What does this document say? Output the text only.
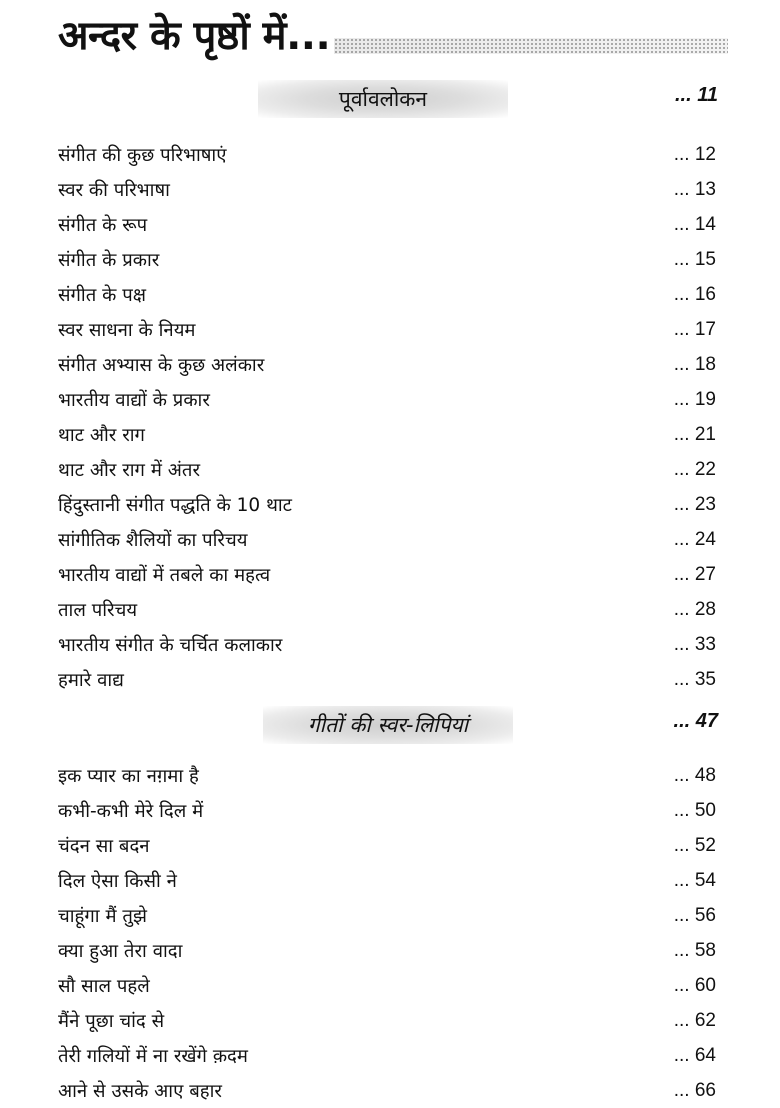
अन्दर के पृष्ठों में...
पूर्वावलोकन	... 11
संगीत की कुछ परिभाषाएं	... 12
स्वर की परिभाषा	... 13
संगीत के रूप	... 14
संगीत के प्रकार	... 15
संगीत के पक्ष	... 16
स्वर साधना के नियम	... 17
संगीत अभ्यास के कुछ अलंकार	... 18
भारतीय वाद्यों के प्रकार	... 19
थाट और राग	... 21
थाट और राग में अंतर	... 22
हिंदुस्तानी संगीत पद्धति के 10 थाट	... 23
सांगीतिक शैलियों का परिचय	... 24
भारतीय वाद्यों में तबले का महत्व	... 27
ताल परिचय	... 28
भारतीय संगीत के चर्चित कलाकार	... 33
हमारे वाद्य	... 35
गीतों की स्वर-लिपियां	... 47
इक प्यार का नग़मा है	... 48
कभी-कभी मेरे दिल में	... 50
चंदन सा बदन	... 52
दिल ऐसा किसी ने	... 54
चाहूंगा मैं तुझे	... 56
क्या हुआ तेरा वादा	... 58
सौ साल पहले	... 60
मैंने पूछा चांद से	... 62
तेरी गलियों में ना रखेंगे क़दम	... 64
आने से उसके आए बहार	... 66
